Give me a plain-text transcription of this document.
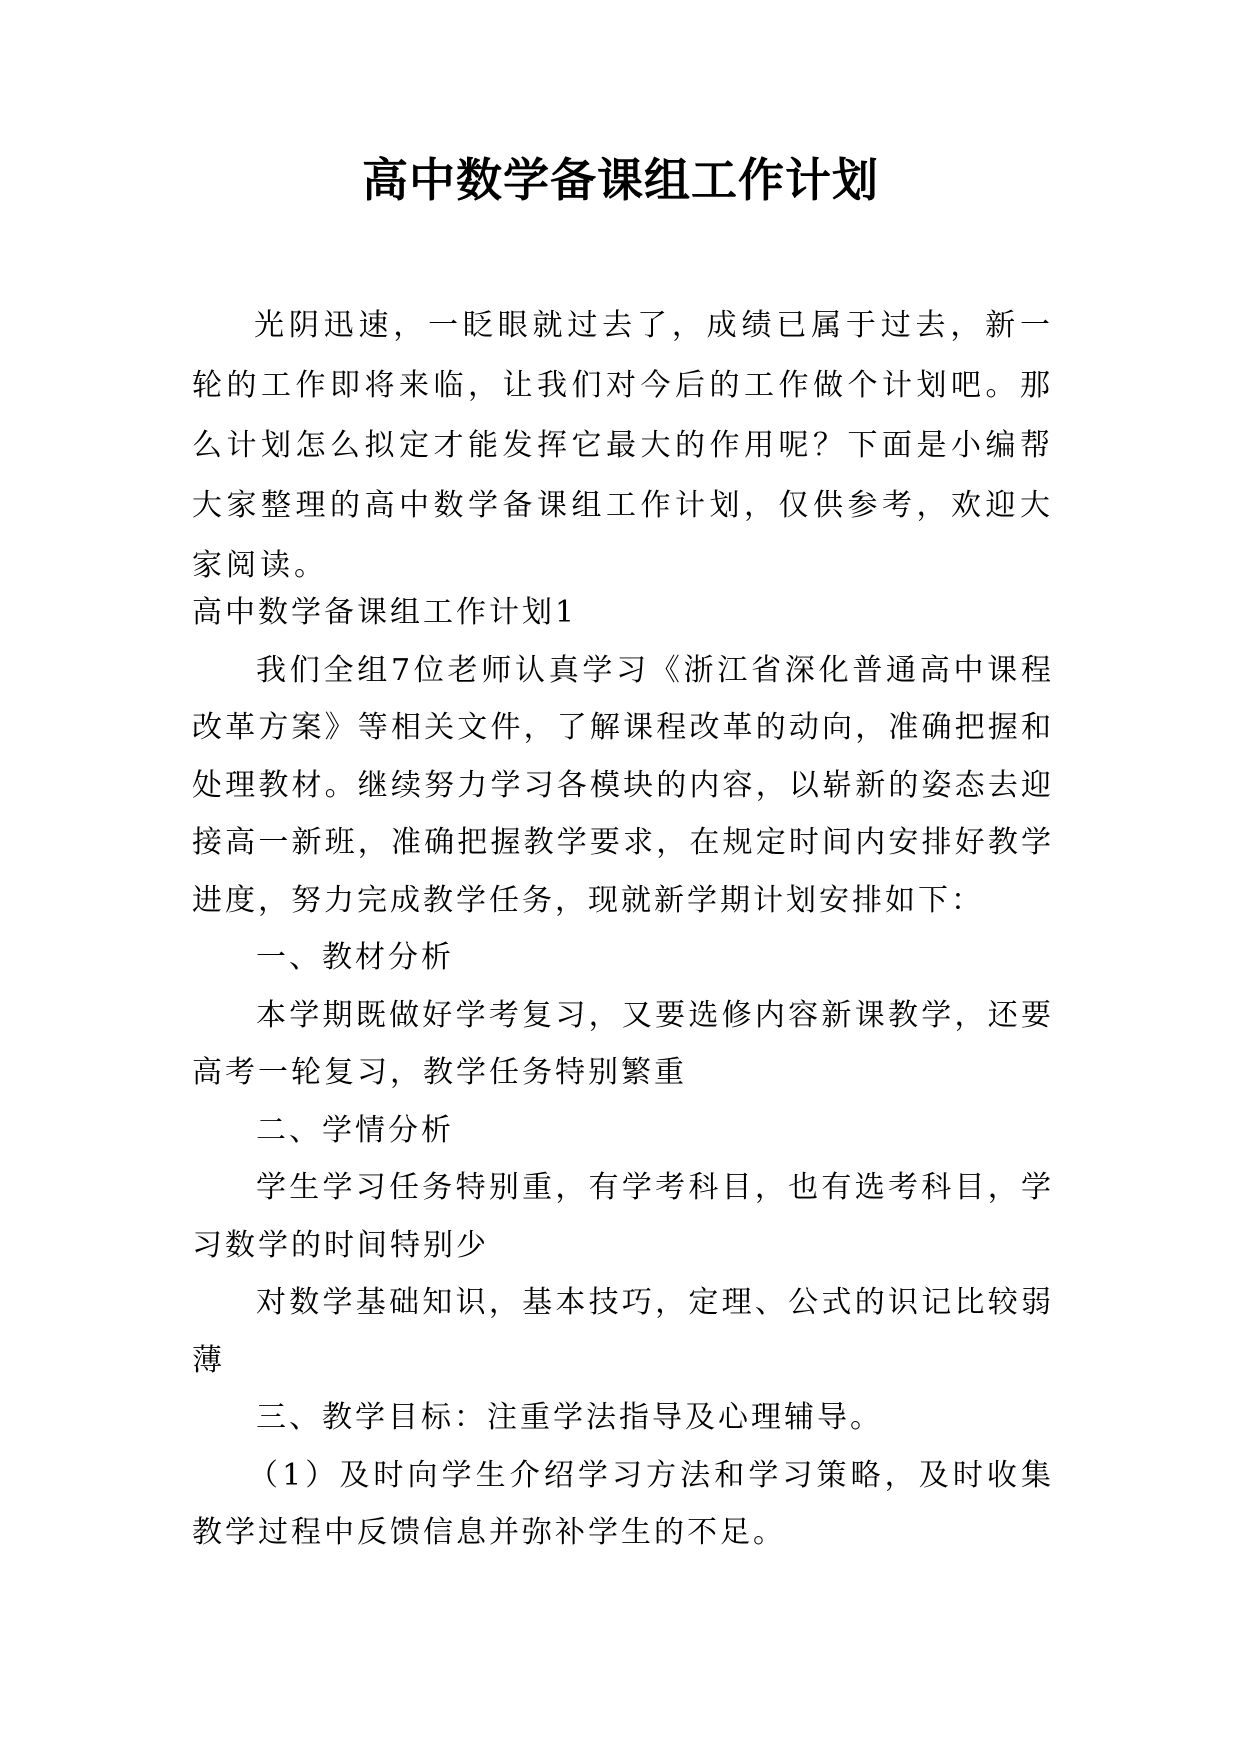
高中数学备课组工作计划
光阴迅速，一眨眼就过去了，成绩已属于过去，新一轮的工作即将来临，让我们对今后的工作做个计划吧。那么计划怎么拟定才能发挥它最大的作用呢？下面是小编帮大家整理的高中数学备课组工作计划，仅供参考，欢迎大家阅读。

高中数学备课组工作计划1

我们全组7位老师认真学习《浙江省深化普通高中课程改革方案》等相关文件，了解课程改革的动向，准确把握和处理教材。继续努力学习各模块的内容，以崭新的姿态去迎接高一新班，准确把握教学要求，在规定时间内安排好教学进度，努力完成教学任务，现就新学期计划安排如下：

一、教材分析

本学期既做好学考复习，又要选修内容新课教学，还要高考一轮复习，教学任务特别繁重

二、学情分析

学生学习任务特别重，有学考科目，也有选考科目，学习数学的时间特别少

对数学基础知识，基本技巧，定理、公式的识记比较弱薄

三、教学目标：注重学法指导及心理辅导。

（1）及时向学生介绍学习方法和学习策略，及时收集教学过程中反馈信息并弥补学生的不足。
